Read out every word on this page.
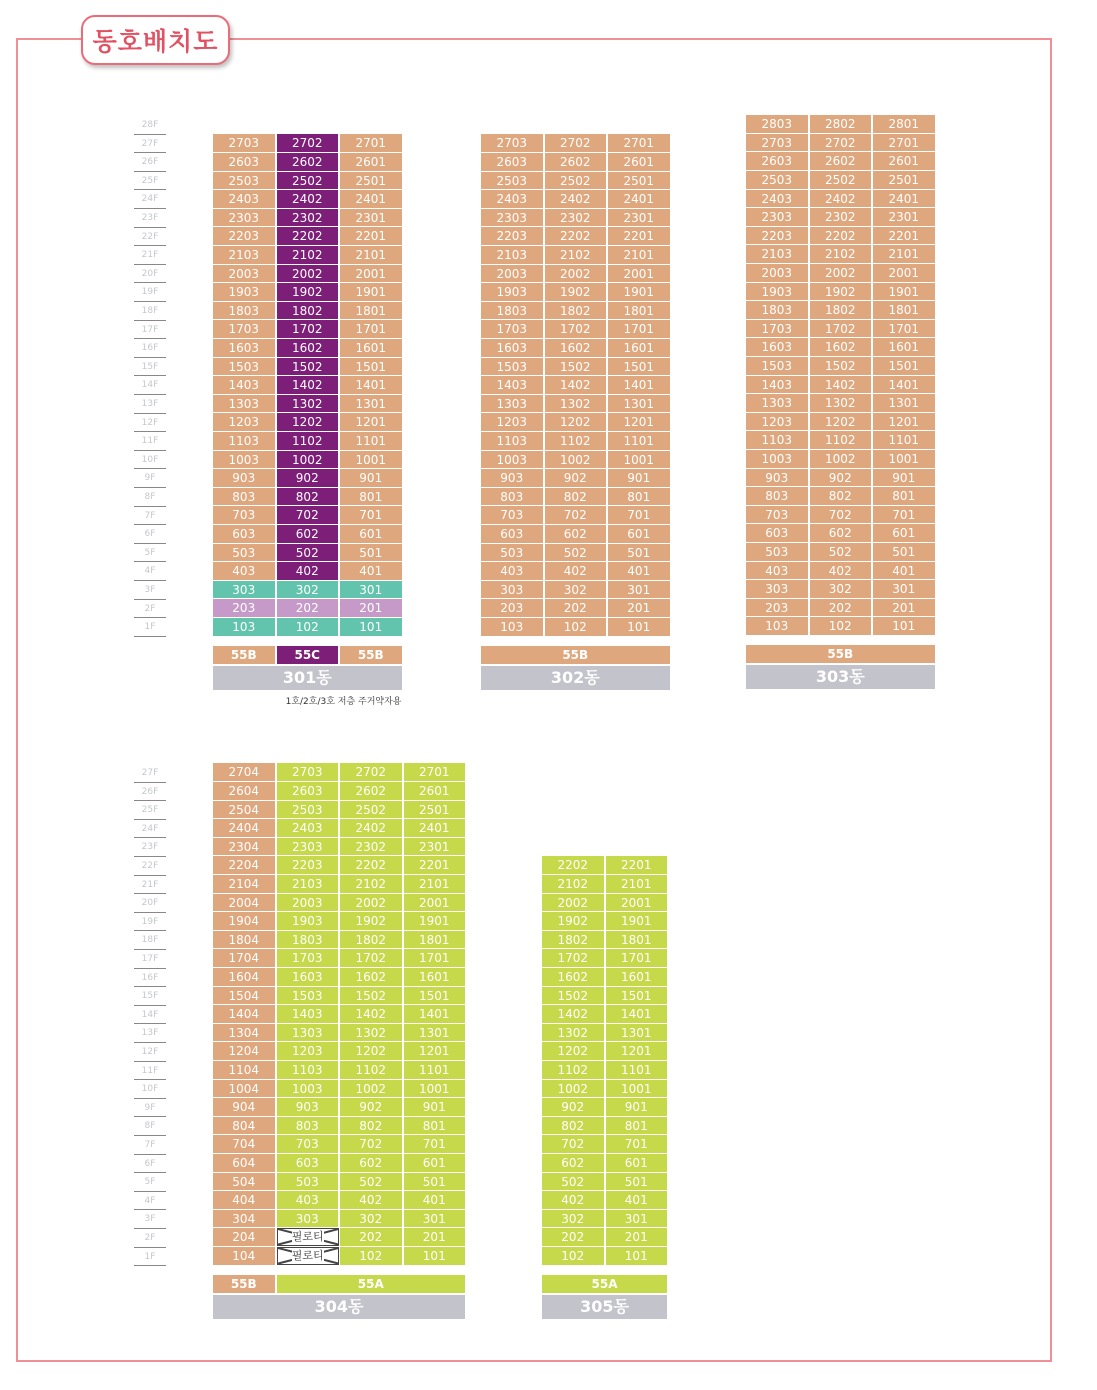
동호배치도
28F
27F
26F
25F
24F
23F
22F
21F
20F
19F
18F
17F
16F
15F
14F
13F
12F
11F
10F
9F
8F
7F
6F
5F
4F
3F
2F
1F
27F
26F
25F
24F
23F
22F
21F
20F
19F
18F
17F
16F
15F
14F
13F
12F
11F
10F
9F
8F
7F
6F
5F
4F
3F
2F
1F
2703	2702	2701
2603	2602	2601
2503	2502	2501
2403	2402	2401
2303	2302	2301
2203	2202	2201
2103	2102	2101
2003	2002	2001
1903	1902	1901
1803	1802	1801
1703	1702	1701
1603	1602	1601
1503	1502	1501
1403	1402	1401
1303	1302	1301
1203	1202	1201
1103	1102	1101
1003	1002	1001
903	902	901
803	802	801
703	702	701
603	602	601
503	502	501
403	402	401
303	302	301
203	202	201
103	102	101
55B	55C	55B
301동
1호/2호/3호 저층 주거약자용
2703	2702	2701
2603	2602	2601
2503	2502	2501
2403	2402	2401
2303	2302	2301
2203	2202	2201
2103	2102	2101
2003	2002	2001
1903	1902	1901
1803	1802	1801
1703	1702	1701
1603	1602	1601
1503	1502	1501
1403	1402	1401
1303	1302	1301
1203	1202	1201
1103	1102	1101
1003	1002	1001
903	902	901
803	802	801
703	702	701
603	602	601
503	502	501
403	402	401
303	302	301
203	202	201
103	102	101
55B
302동
2803	2802	2801
2703	2702	2701
2603	2602	2601
2503	2502	2501
2403	2402	2401
2303	2302	2301
2203	2202	2201
2103	2102	2101
2003	2002	2001
1903	1902	1901
1803	1802	1801
1703	1702	1701
1603	1602	1601
1503	1502	1501
1403	1402	1401
1303	1302	1301
1203	1202	1201
1103	1102	1101
1003	1002	1001
903	902	901
803	802	801
703	702	701
603	602	601
503	502	501
403	402	401
303	302	301
203	202	201
103	102	101
55B
303동
2704	2703	2702	2701
2604	2603	2602	2601
2504	2503	2502	2501
2404	2403	2402	2401
2304	2303	2302	2301
2204	2203	2202	2201
2104	2103	2102	2101
2004	2003	2002	2001
1904	1903	1902	1901
1804	1803	1802	1801
1704	1703	1702	1701
1604	1603	1602	1601
1504	1503	1502	1501
1404	1403	1402	1401
1304	1303	1302	1301
1204	1203	1202	1201
1104	1103	1102	1101
1004	1003	1002	1001
904	903	902	901
804	803	802	801
704	703	702	701
604	603	602	601
504	503	502	501
404	403	402	401
304	303	302	301
204	필로티	202	201
104	필로티	102	101
55B	55A
304동
2202	2201
2102	2101
2002	2001
1902	1901
1802	1801
1702	1701
1602	1601
1502	1501
1402	1401
1302	1301
1202	1201
1102	1101
1002	1001
902	901
802	801
702	701
602	601
502	501
402	401
302	301
202	201
102	101
55A
305동
